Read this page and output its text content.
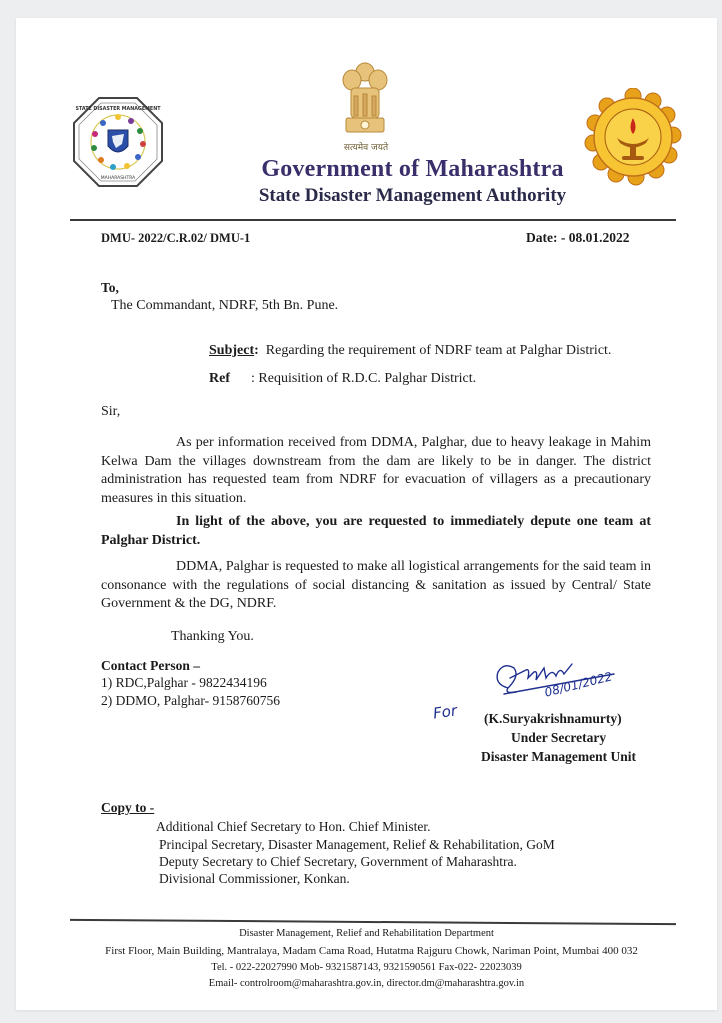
MAHARASHTRA
STATE DISASTER MANAGEMENT
सत्यमेव जयते
Government of Maharashtra
State Disaster Management Authority
DMU- 2022/C.R.02/ DMU-1	Date: - 08.01.2022
To,
The Commandant, NDRF, 5th Bn. Pune.
Subject: Regarding the requirement of NDRF team at Palghar District.
Ref : Requisition of R.D.C. Palghar District.
Sir,
As per information received from DDMA, Palghar, due to heavy leakage in Mahim Kelwa Dam the villages downstream from the dam are likely to be in danger. The district administration has requested team from NDRF for evacuation of villagers as a precautionary measures in this situation.
In light of the above, you are requested to immediately depute one team at Palghar District.
DDMA, Palghar is requested to make all logistical arrangements for the said team in consonance with the regulations of social distancing & sanitation as issued by Central/ State Government & the DG, NDRF.
Thanking You.
Contact Person –
1) RDC,Palghar - 9822434196
2) DDMO, Palghar- 9158760756
08/01/2022
For (K.Suryakrishnamurty)
Under Secretary
Disaster Management Unit
Copy to -
Additional Chief Secretary to Hon. Chief Minister.
Principal Secretary, Disaster Management, Relief & Rehabilitation, GoM
Deputy Secretary to Chief Secretary, Government of Maharashtra.
Divisional Commissioner, Konkan.
Disaster Management, Relief and Rehabilitation Department
First Floor, Main Building, Mantralaya, Madam Cama Road, Hutatma Rajguru Chowk, Nariman Point, Mumbai 400 032
Tel. - 022-22027990 Mob- 9321587143, 9321590561 Fax-022- 22023039
Email- controlroom@maharashtra.gov.in, director.dm@maharashtra.gov.in
